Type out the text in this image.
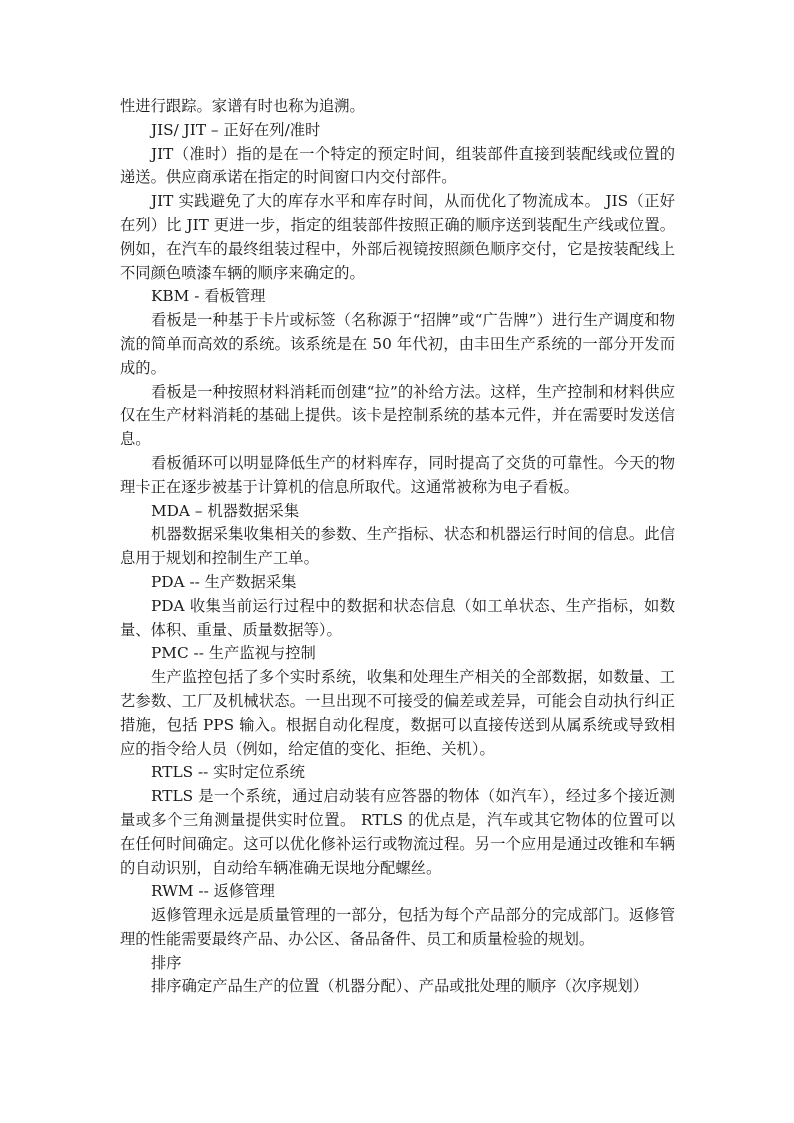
性进行跟踪。家谱有时也称为追溯。

JIS/ JIT – 正好在列/准时

JIT（准时）指的是在一个特定的预定时间，组装部件直接到装配线或位置的递送。供应商承诺在指定的时间窗口内交付部件。

JIT 实践避免了大的库存水平和库存时间，从而优化了物流成本。 JIS（正好在列）比 JIT 更进一步，指定的组装部件按照正确的顺序送到装配生产线或位置。例如，在汽车的最终组装过程中，外部后视镜按照颜色顺序交付，它是按装配线上不同颜色喷漆车辆的顺序来确定的。

KBM - 看板管理

看板是一种基于卡片或标签（名称源于“招牌”或“广告牌”）进行生产调度和物流的简单而高效的系统。该系统是在 50 年代初，由丰田生产系统的一部分开发而成的。

看板是一种按照材料消耗而创建“拉”的补给方法。这样，生产控制和材料供应仅在生产材料消耗的基础上提供。该卡是控制系统的基本元件，并在需要时发送信息。

看板循环可以明显降低生产的材料库存，同时提高了交货的可靠性。今天的物理卡正在逐步被基于计算机的信息所取代。这通常被称为电子看板。

MDA – 机器数据采集

机器数据采集收集相关的参数、生产指标、状态和机器运行时间的信息。此信息用于规划和控制生产工单。

PDA -- 生产数据采集

PDA 收集当前运行过程中的数据和状态信息（如工单状态、生产指标，如数量、体积、重量、质量数据等）。

PMC -- 生产监视与控制

生产监控包括了多个实时系统，收集和处理生产相关的全部数据，如数量、工艺参数、工厂及机械状态。一旦出现不可接受的偏差或差异，可能会自动执行纠正措施，包括 PPS 输入。根据自动化程度，数据可以直接传送到从属系统或导致相应的指令给人员（例如，给定值的变化、拒绝、关机）。

RTLS -- 实时定位系统

RTLS 是一个系统，通过启动装有应答器的物体（如汽车），经过多个接近测量或多个三角测量提供实时位置。 RTLS 的优点是，汽车或其它物体的位置可以在任何时间确定。这可以优化修补运行或物流过程。另一个应用是通过改锥和车辆的自动识别，自动给车辆准确无误地分配螺丝。

RWM -- 返修管理

返修管理永远是质量管理的一部分，包括为每个产品部分的完成部门。返修管理的性能需要最终产品、办公区、备品备件、员工和质量检验的规划。

排序

排序确定产品生产的位置（机器分配）、产品或批处理的顺序（次序规划）
